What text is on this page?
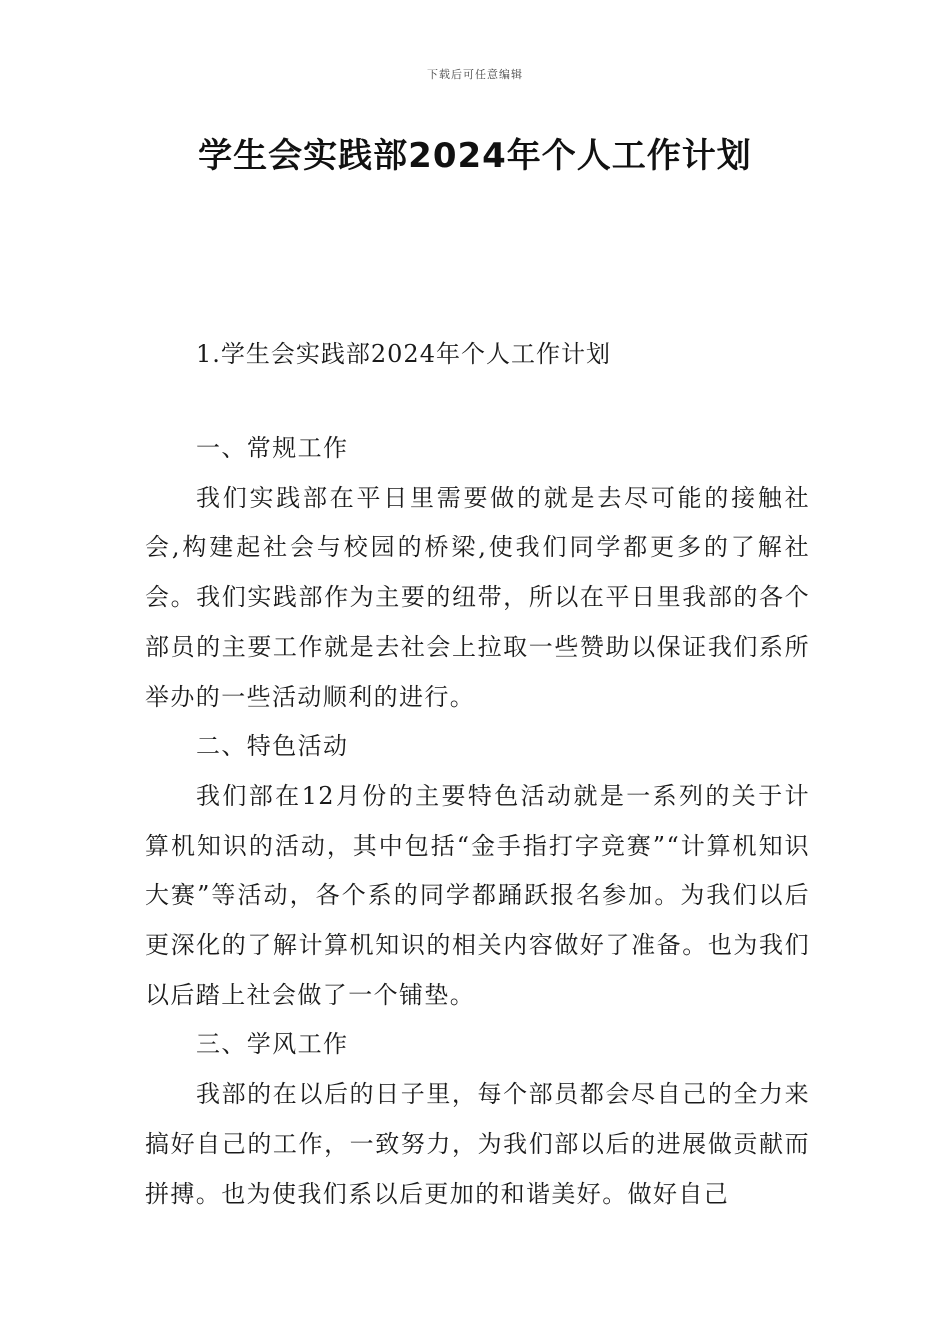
下载后可任意编辑
学生会实践部2024年个人工作计划
1.学生会实践部2024年个人工作计划
一、常规工作

我们实践部在平日里需要做的就是去尽可能的接触社会,构建起社会与校园的桥梁,使我们同学都更多的了解社会。我们实践部作为主要的纽带，所以在平日里我部的各个部员的主要工作就是去社会上拉取一些赞助以保证我们系所举办的一些活动顺利的进行。

二、特色活动

我们部在12月份的主要特色活动就是一系列的关于计算机知识的活动，其中包括“金手指打字竞赛”“计算机知识大赛”等活动，各个系的同学都踊跃报名参加。为我们以后更深化的了解计算机知识的相关内容做好了准备。也为我们以后踏上社会做了一个铺垫。

三、学风工作

我部的在以后的日子里，每个部员都会尽自己的全力来搞好自己的工作，一致努力，为我们部以后的进展做贡献而拼搏。也为使我们系以后更加的和谐美好。做好自己
